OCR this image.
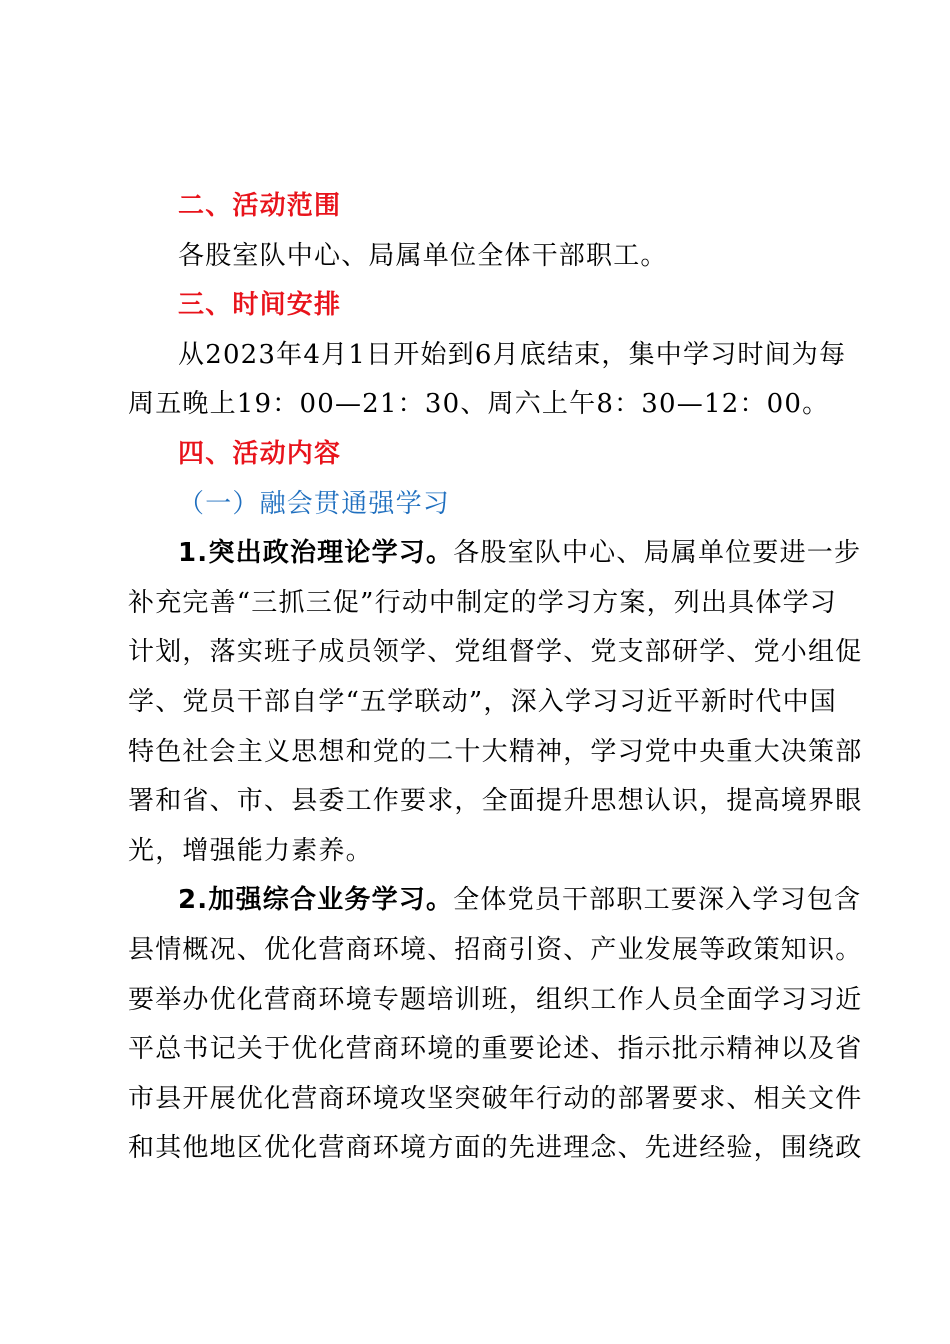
二、活动范围
各股室队中心、局属单位全体干部职工。
三、时间安排
从2023年4月1日开始到6月底结束，集中学习时间为每
周五晚上19：00—21：30、周六上午8：30—12：00。
四、活动内容
（一）融会贯通强学习
1.突出政治理论学习。各股室队中心、局属单位要进一步
补充完善“三抓三促”行动中制定的学习方案，列出具体学习
计划，落实班子成员领学、党组督学、党支部研学、党小组促
学、党员干部自学“五学联动”，深入学习习近平新时代中国
特色社会主义思想和党的二十大精神，学习党中央重大决策部
署和省、市、县委工作要求，全面提升思想认识，提高境界眼
光，增强能力素养。
2.加强综合业务学习。全体党员干部职工要深入学习包含
县情概况、优化营商环境、招商引资、产业发展等政策知识。
要举办优化营商环境专题培训班，组织工作人员全面学习习近
平总书记关于优化营商环境的重要论述、指示批示精神以及省
市县开展优化营商环境攻坚突破年行动的部署要求、相关文件
和其他地区优化营商环境方面的先进理念、先进经验，围绕政
